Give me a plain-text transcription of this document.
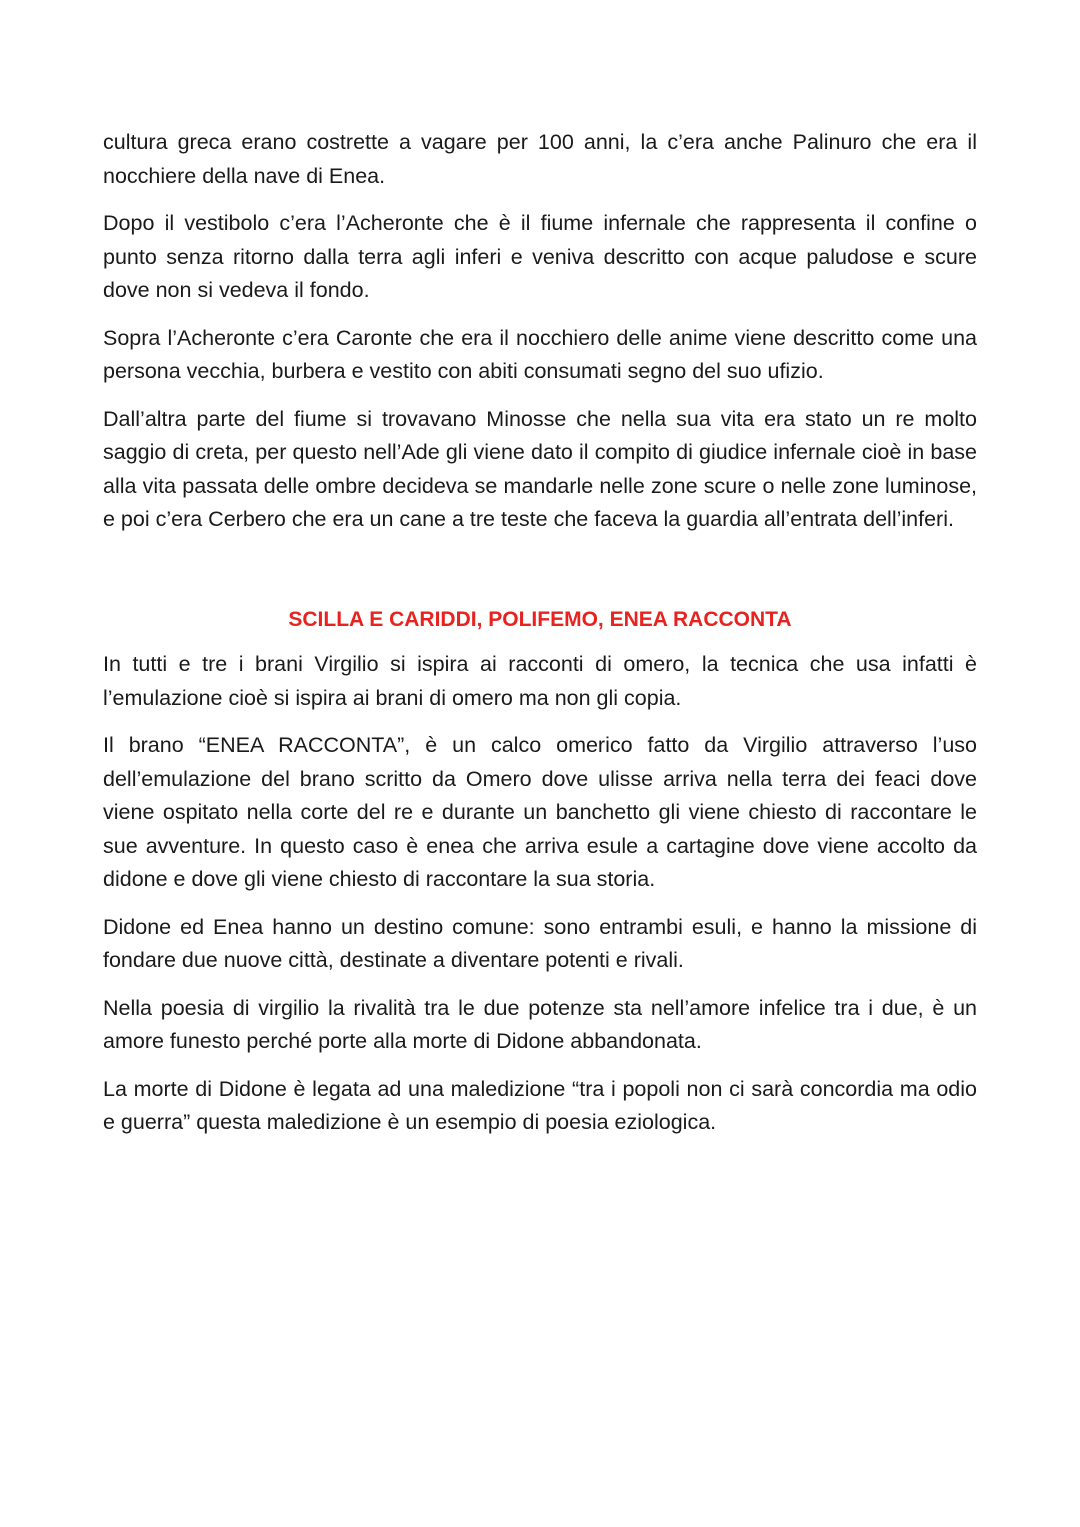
cultura greca erano costrette a vagare per 100 anni, la c’era anche Palinuro che era il nocchiere della nave di Enea.

Dopo il vestibolo c’era l’Acheronte che è il fiume infernale che rappresenta il confine o punto senza ritorno dalla terra agli inferi e veniva descritto con acque paludose e scure dove non si vedeva il fondo.

Sopra l’Acheronte c’era Caronte che era il nocchiero delle anime viene descritto come una persona vecchia, burbera e vestito con abiti consumati segno del suo ufizio.

Dall’altra parte del fiume si trovavano Minosse che nella sua vita era stato un re molto saggio di creta, per questo nell’Ade gli viene dato il compito di giudice infernale cioè in base alla vita passata delle ombre decideva se mandarle nelle zone scure o nelle zone luminose, e poi c’era Cerbero che era un cane a tre teste che faceva la guardia all’entrata dell’inferi.

SCILLA E CARIDDI, POLIFEMO, ENEA RACCONTA

In tutti e tre i brani Virgilio si ispira ai racconti di omero, la tecnica che usa infatti è l’emulazione cioè si ispira ai brani di omero ma non gli copia.

Il brano “ENEA RACCONTA”, è un calco omerico fatto da Virgilio attraverso l’uso dell’emulazione del brano scritto da Omero dove ulisse arriva nella terra dei feaci dove viene ospitato nella corte del re e durante un banchetto gli viene chiesto di raccontare le sue avventure. In questo caso è enea che arriva esule a cartagine dove viene accolto da didone e dove gli viene chiesto di raccontare la sua storia.

Didone ed Enea hanno un destino comune: sono entrambi esuli, e hanno la missione di fondare due nuove città, destinate a diventare potenti e rivali.

Nella poesia di virgilio la rivalità tra le due potenze sta nell’amore infelice tra i due, è un amore funesto perché porte alla morte di Didone abbandonata.

La morte di Didone è legata ad una maledizione “tra i popoli non ci sarà concordia ma odio e guerra” questa maledizione è un esempio di poesia eziologica.
